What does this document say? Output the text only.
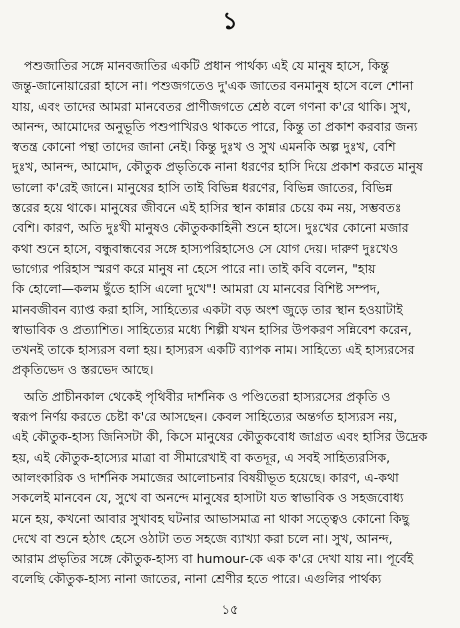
১
পশুজাতির সঙ্গে মানবজাতির একটি প্রধান পার্থক্য এই যে মানুষ হাসে, কিন্তু
জন্তু-জানোয়ারেরা হাসে না। পশুজগতেও দু'এক জাতের বনমানুষ হাসে বলে শোনা
যায়, এবং তাদের আমরা মানবেতর প্রাণীজগতে শ্রেষ্ঠ বলে গণনা ক'রে থাকি। সুখ,
আনন্দ, আমোদের অনুভূতি পশুপাখিরও থাকতে পারে, কিন্তু তা প্রকাশ করবার জন্য
স্বতন্ত্র কোনো পন্থা তাদের জানা নেই। কিন্তু দুঃখ ও সুখ এমনকি অল্প দুঃখ, বেশি
দুঃখ, আনন্দ, আমোদ, কৌতুক প্রভৃতিকে নানা ধরণের হাসি দিয়ে প্রকাশ করতে মানুষ
ভালো ক'রেই জানে। মানুষের হাসি তাই বিভিন্ন ধরণের, বিভিন্ন জাতের, বিভিন্ন
স্তরের হয়ে থাকে। মানুষের জীবনে এই হাসির স্থান কান্নার চেয়ে কম নয়, সম্ভবতঃ
বেশি। কারণ, অতি দুঃখী মানুষও কৌতুককাহিনী শুনে হাসে। দুঃখের কোনো মজার
কথা শুনে হাসে, বন্ধুবান্ধবের সঙ্গে হাস্যপরিহাসেও সে যোগ দেয়। দারুণ দুঃখেও
ভাগ্যের পরিহাস স্মরণ করে মানুষ না হেসে পারে না। তাই কবি বলেন, "হায়
কি হোলো—কলম ছুঁতে হাসি এলো দুখে"! আমরা যে মানবের বিশিষ্ট সম্পদ,
মানবজীবন ব্যাপ্ত করা হাসি, সাহিত্যের একটা বড় অংশ জুড়ে তার স্থান হওয়াটাই
স্বাভাবিক ও প্রত্যাশিত। সাহিত্যের মধ্যে শিল্পী যখন হাসির উপকরণ সন্নিবেশ করেন,
তখনই তাকে হাস্যরস বলা হয়। হাস্যরস একটি ব্যাপক নাম। সাহিত্যে এই হাস্যরসের
প্রকৃতিভেদ ও স্তরভেদ আছে।
অতি প্রাচীনকাল থেকেই পৃথিবীর দার্শনিক ও পণ্ডিতেরা হাস্যরসের প্রকৃতি ও
স্বরূপ নির্ণয় করতে চেষ্টা ক'রে আসছেন। কেবল সাহিত্যের অন্তর্গত হাস্যরস নয়,
এই কৌতুক-হাস্য জিনিসটা কী, কিসে মানুষের কৌতুকবোধ জাগ্রত এবং হাসির উদ্রেক
হয়, এই কৌতুক-হাস্যের মাত্রা বা সীমারেখাই বা কতদূর, এ সবই সাহিত্যরসিক,
আলংকারিক ও দার্শনিক সমাজের আলোচনার বিষয়ীভূত হয়েছে। কারণ, এ-কথা
সকলেই মানবেন যে, সুখে বা অনন্দে মানুষের হাসাটা যত স্বাভাবিক ও সহজবোধ্য
মনে হয়, কখনো আবার সুখাবহ ঘটনার আভাসমাত্র না থাকা সত্ত্বেও কোনো কিছু
দেখে বা শুনে হঠাৎ হেসে ওঠাটা তত সহজে ব্যাখ্যা করা চলে না। সুখ, আনন্দ,
আরাম প্রভৃতির সঙ্গে কৌতুক-হাস্য বা humour-কে এক ক'রে দেখা যায় না। পূর্বেই
বলেছি কৌতুক-হাস্য নানা জাতের, নানা শ্রেণীর হতে পারে। এগুলির পার্থক্য
১৫
